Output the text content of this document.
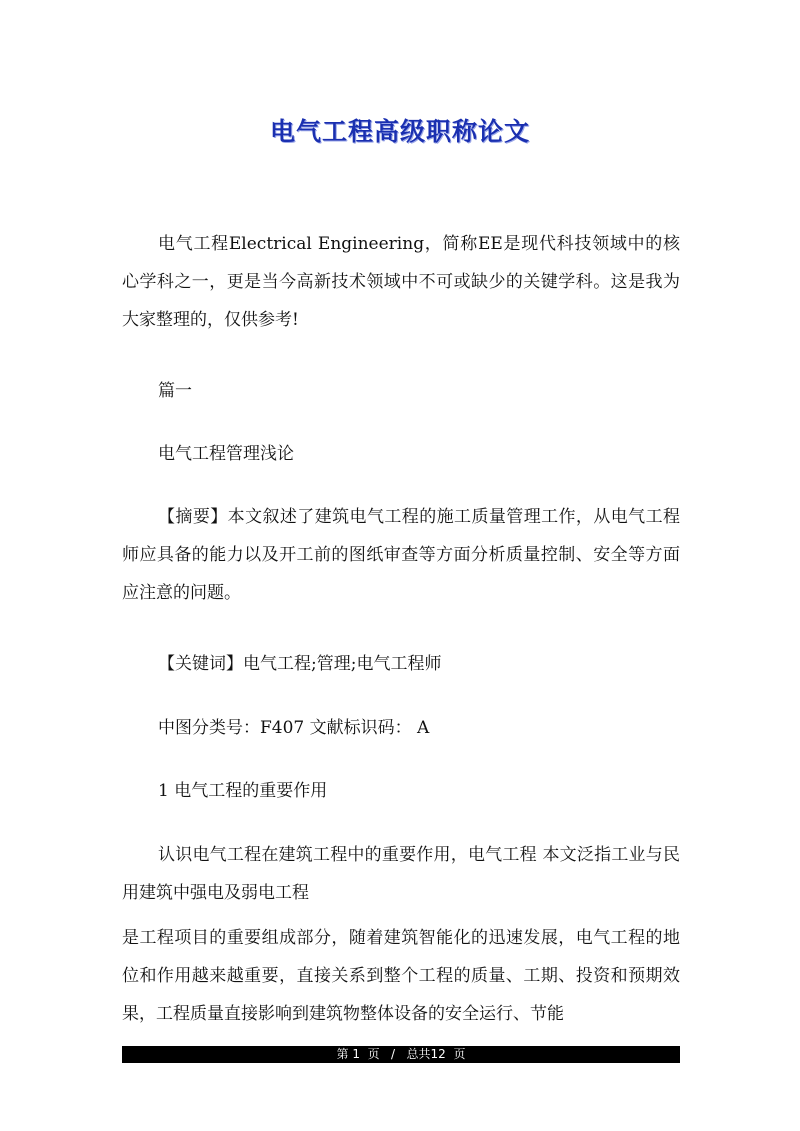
电气工程高级职称论文

电气工程Electrical Engineering，简称EE是现代科技领域中的核心学科之一，更是当今高新技术领域中不可或缺少的关键学科。这是我为大家整理的，仅供参考!

篇一

电气工程管理浅论

【摘要】本文叙述了建筑电气工程的施工质量管理工作，从电气工程师应具备的能力以及开工前的图纸审查等方面分析质量控制、安全等方面应注意的问题。

【关键词】电气工程;管理;电气工程师

中图分类号：F407 文献标识码： A

1 电气工程的重要作用

认识电气工程在建筑工程中的重要作用，电气工程 本文泛指工业与民用建筑中强电及弱电工程

是工程项目的重要组成部分，随着建筑智能化的迅速发展，电气工程的地位和作用越来越重要，直接关系到整个工程的质量、工期、投资和预期效果，工程质量直接影响到建筑物整体设备的安全运行、节能

第 1  页   /   总共12  页
